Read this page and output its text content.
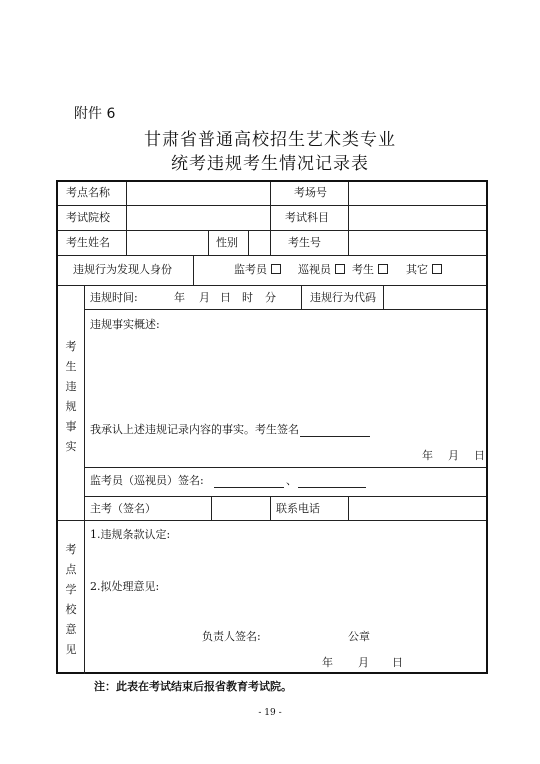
附件 6
甘肃省普通高校招生艺术类专业
统考违规考生情况记录表
考点名称	考场号
考试院校	考试科目
考生姓名	性别	考生号
违规行为发现人身份	监考员	巡视员	考生	其它
考
生
违
规
事
实
违规时间:	年 月 日 时 分	违规行为代码
违规事实概述:
我承认上述违规记录内容的事实。考生签名
年 月 日
监考员（巡视员）签名:	、
主考（签名）	联系电话
考
点
学
校
意
见
1.违规条款认定:
2.拟处理意见:
负责人签名:	公章
年 月 日
注：此表在考试结束后报省教育考试院。
- 19 -
